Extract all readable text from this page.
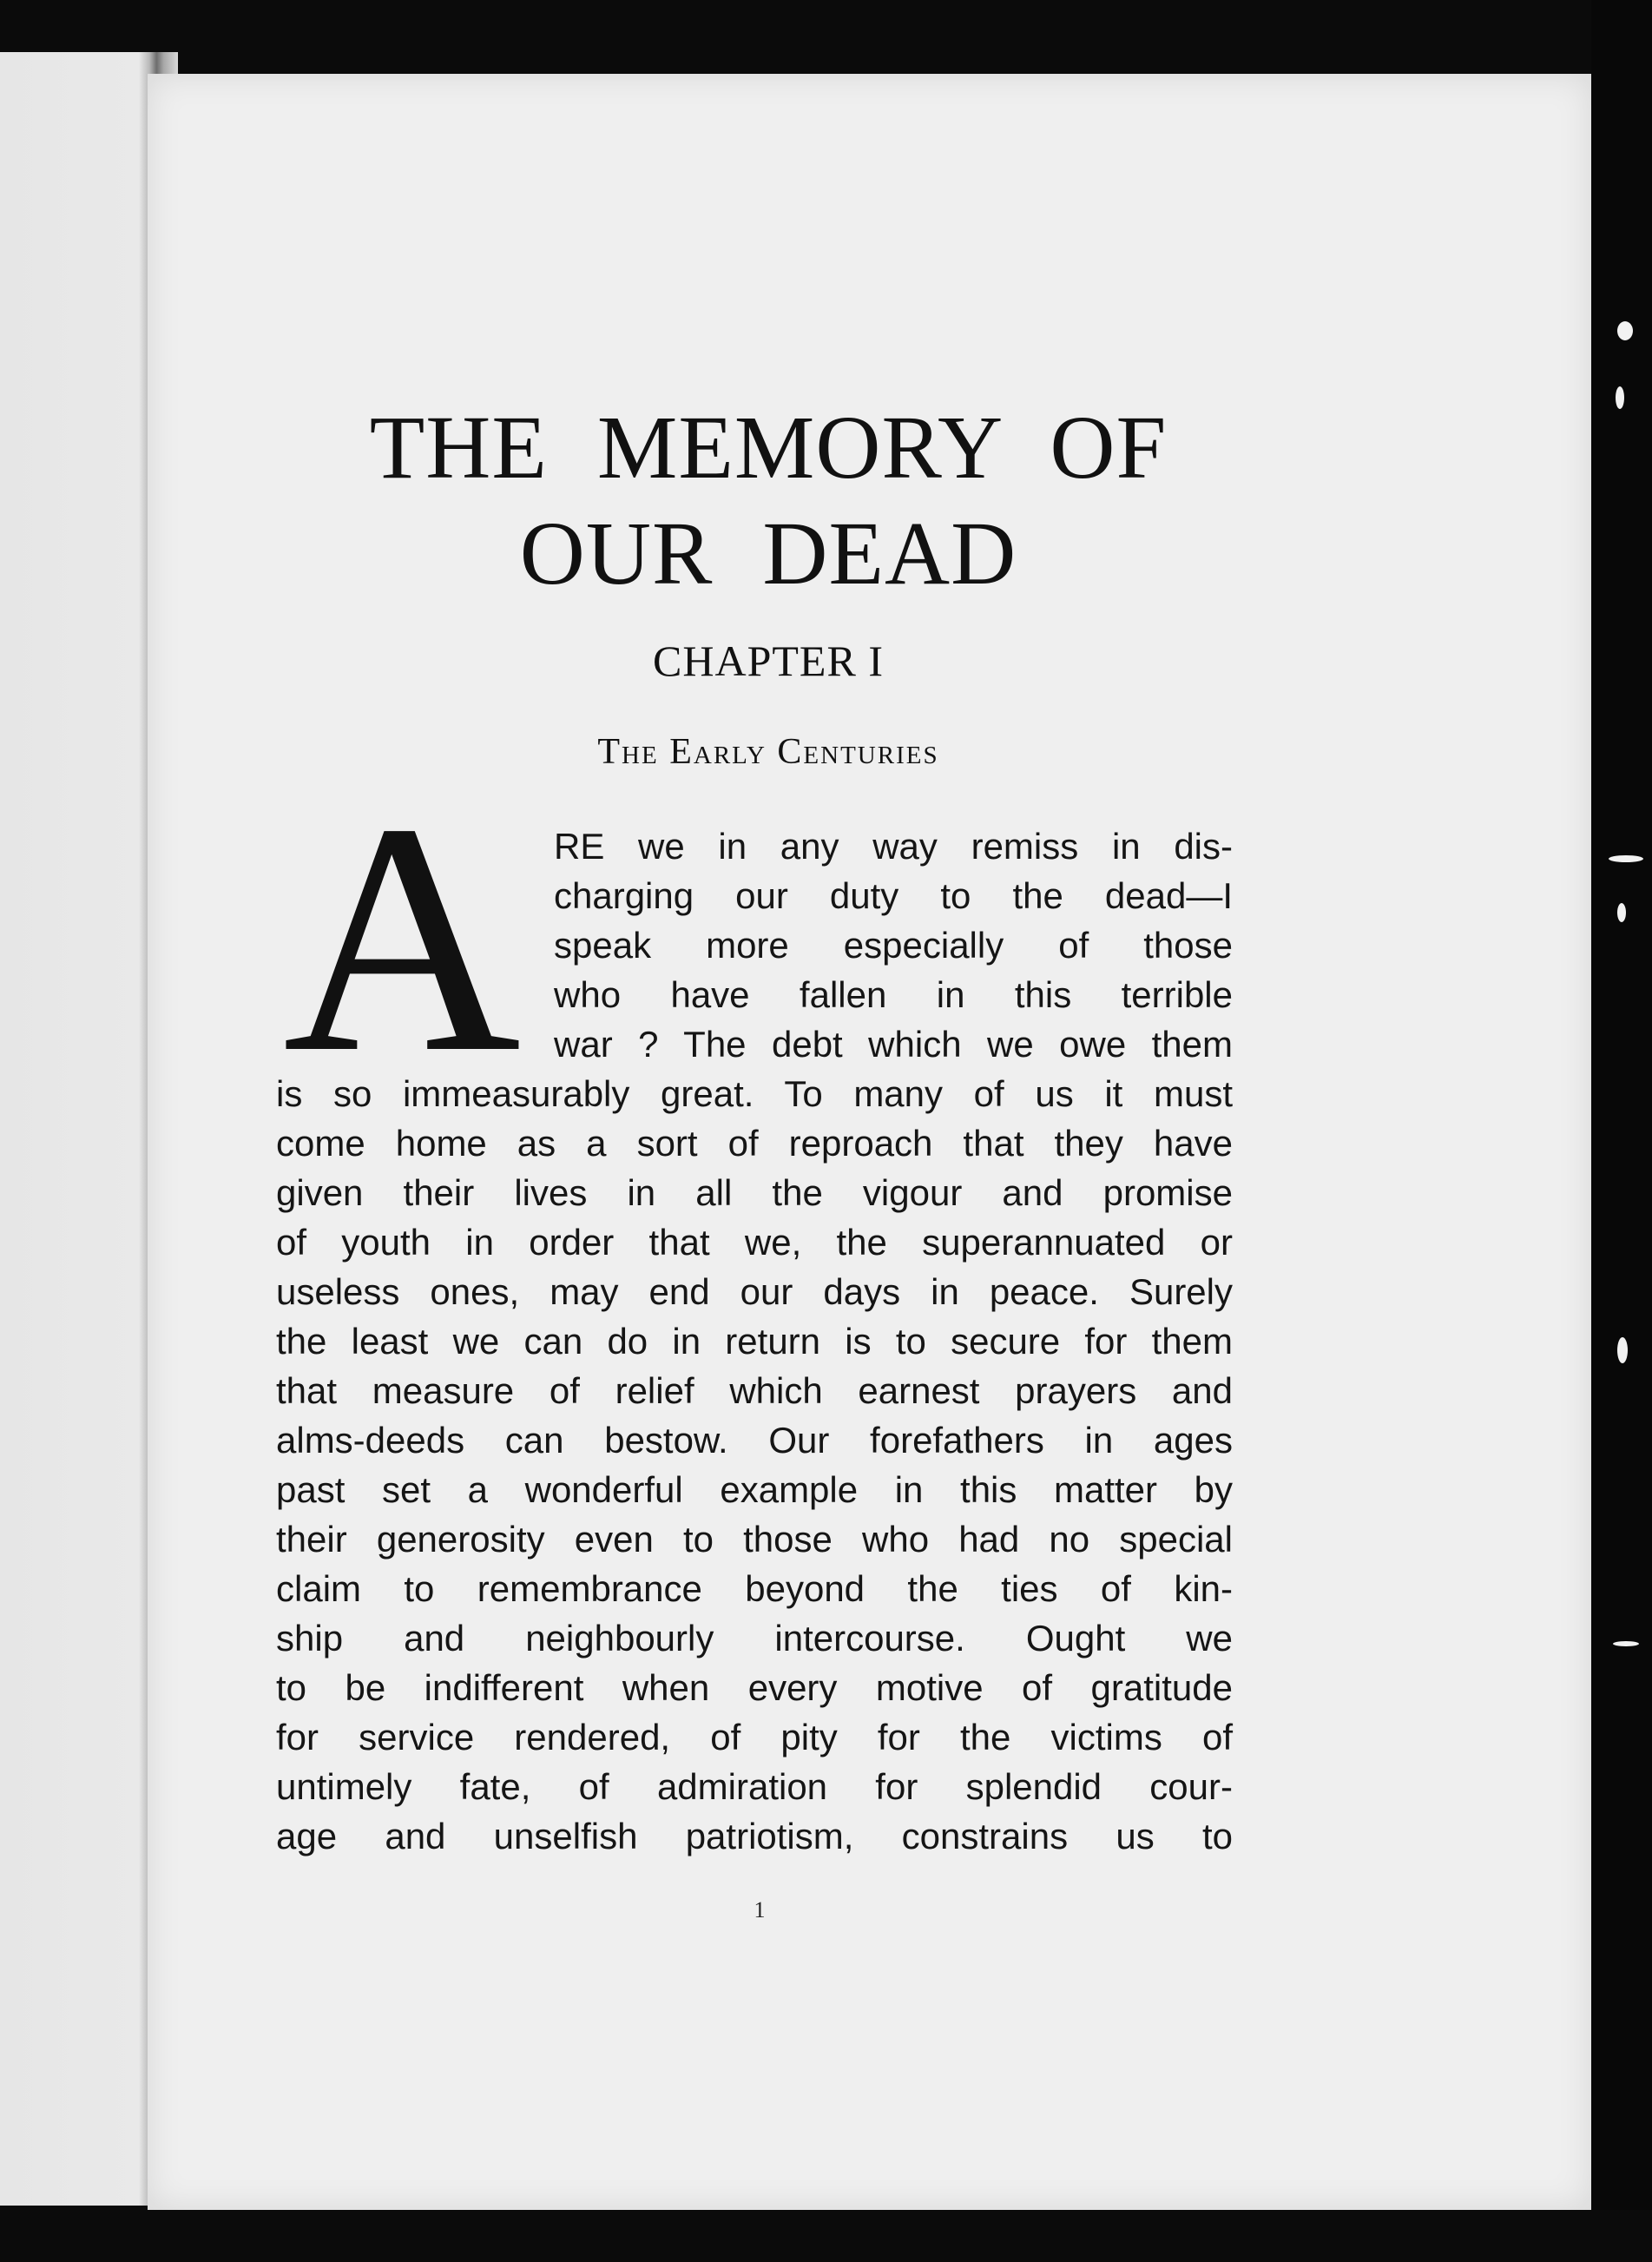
THE MEMORY OF
OUR DEAD
CHAPTER I
The Early Centuries
A RE we in any way remiss in dis-
charging our duty to the dead—I
speak more especially of those
who have fallen in this terrible
war ? The debt which we owe them
is so immeasurably great. To many of us it must
come home as a sort of reproach that they have
given their lives in all the vigour and promise
of youth in order that we, the superannuated or
useless ones, may end our days in peace. Surely
the least we can do in return is to secure for them
that measure of relief which earnest prayers and
alms-deeds can bestow. Our forefathers in ages
past set a wonderful example in this matter by
their generosity even to those who had no special
claim to remembrance beyond the ties of kin-
ship and neighbourly intercourse. Ought we
to be indifferent when every motive of gratitude
for service rendered, of pity for the victims of
untimely fate, of admiration for splendid cour-
age and unselfish patriotism, constrains us to
1
